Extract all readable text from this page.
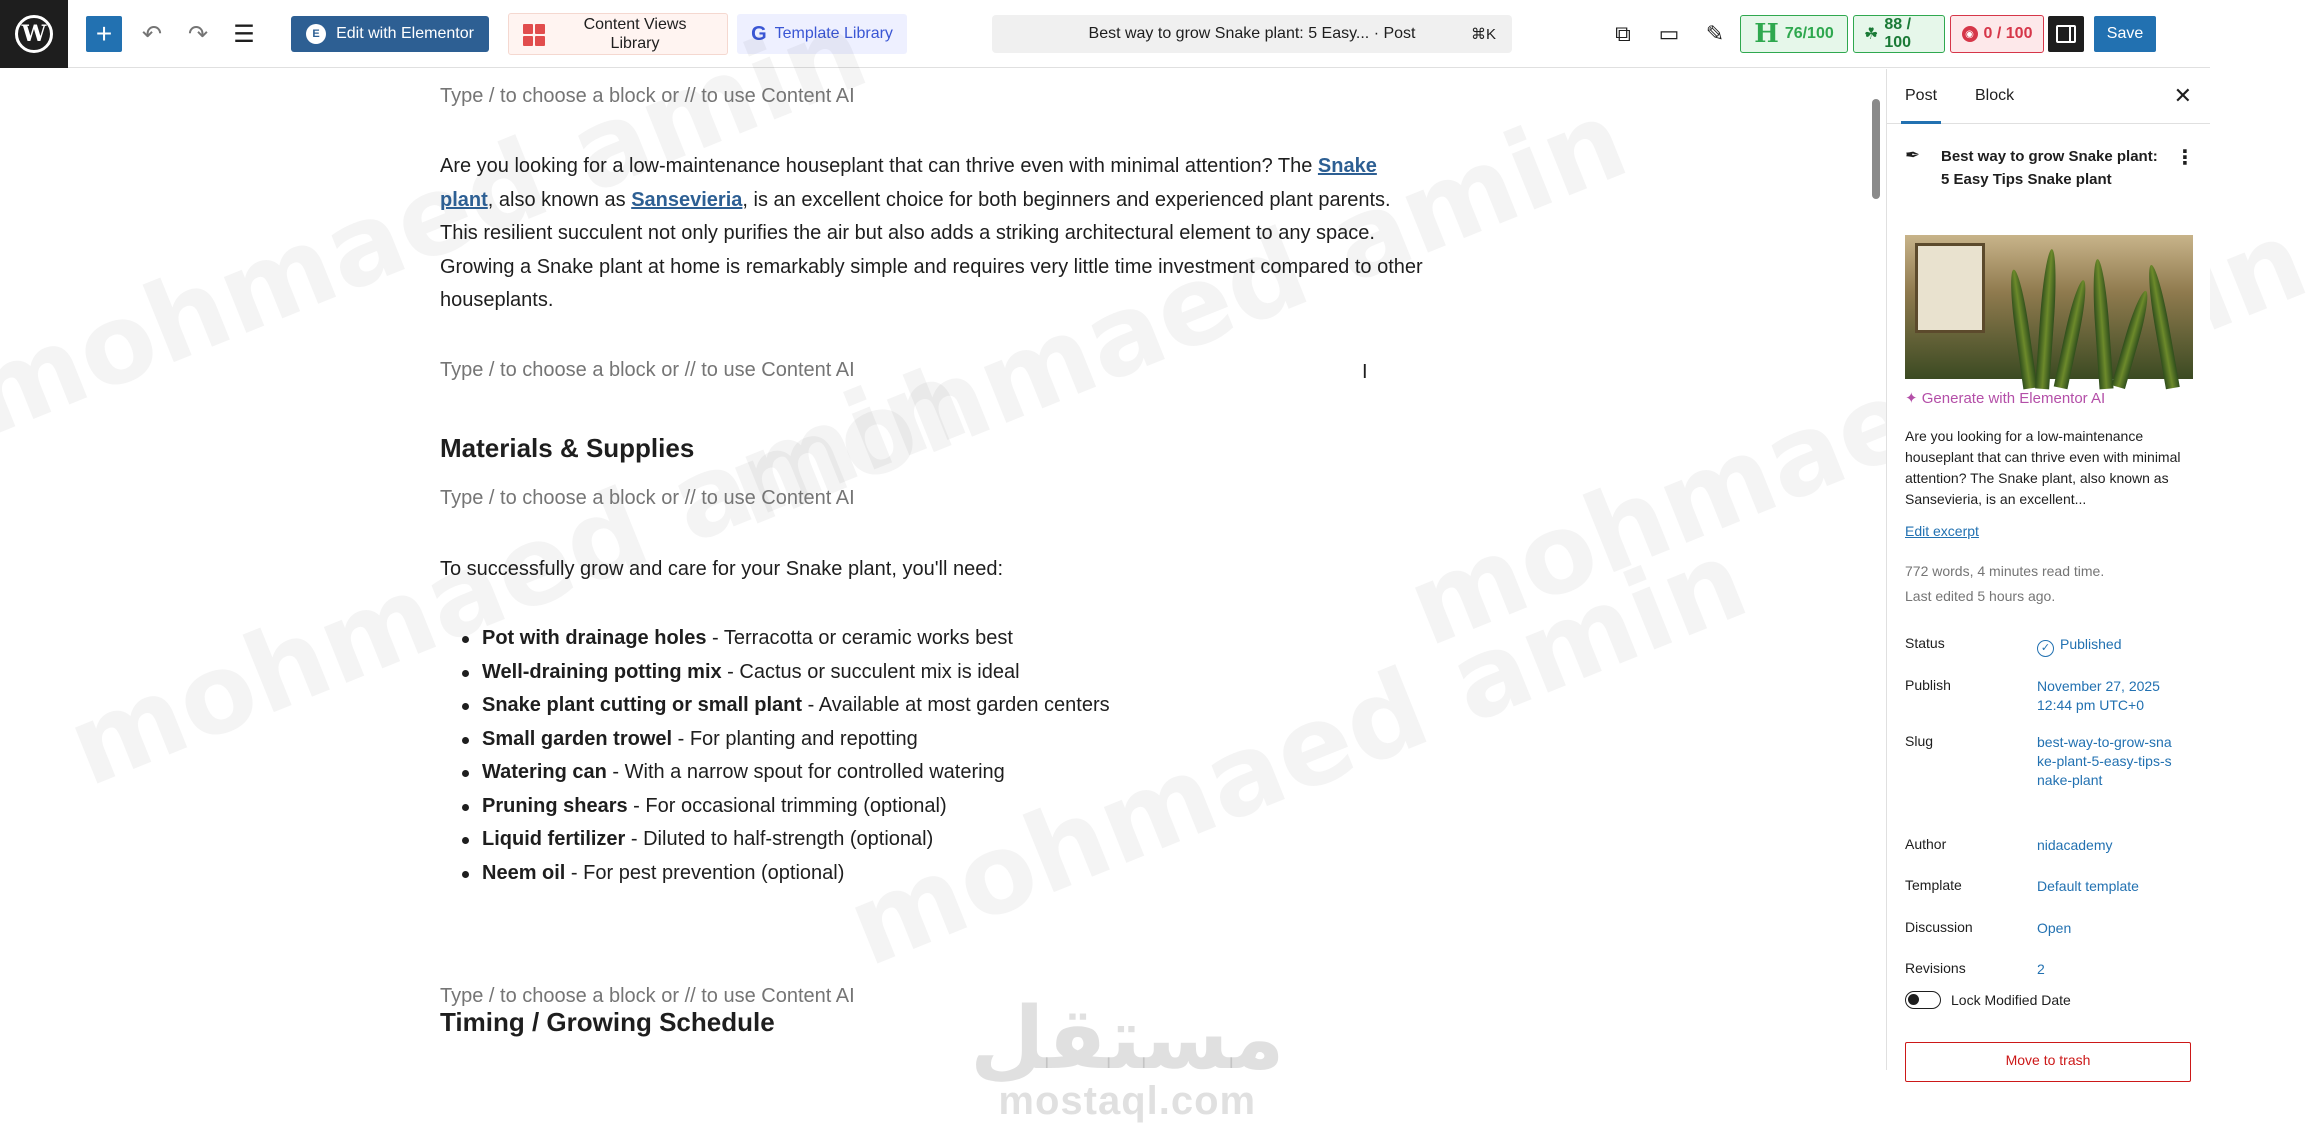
W + ↶ ↷ ☰	E	Edit with Elementor
Content Views Library	G Template Library	Best way to grow Snake plant: 5 Easy... · Post	⌘K	⧉ ▭ ✎ H 76/100 ☘
88 / 100	◉ 0 / 100	Save
Type / to choose a block or // to use Content AI
Are you looking for a low-maintenance houseplant that can thrive even with minimal attention? The Snake plant, also known as Sansevieria, is an excellent choice for both beginners and experienced plant parents. This resilient succulent not only purifies the air but also adds a striking architectural element to any space. Growing a Snake plant at home is remarkably simple and requires very little time investment compared to other houseplants.
Type / to choose a block or // to use Content AI
Materials & Supplies
Type / to choose a block or // to use Content AI
To successfully grow and care for your Snake plant, you'll need:
Pot with drainage holes - Terracotta or ceramic works best
Well-draining potting mix - Cactus or succulent mix is ideal
Snake plant cutting or small plant - Available at most garden centers
Small garden trowel - For planting and repotting
Watering can - With a narrow spout for controlled watering
Pruning shears - For occasional trimming (optional)
Liquid fertilizer - Diluted to half-strength (optional)
Neem oil - For pest prevention (optional)
Type / to choose a block or // to use Content AI
Timing / Growing Schedule
I
مستقل
mostaql.com
Post Block	✕
✒ Best way to grow Snake plant: 5 Easy Tips Snake plant
⋮
✦ Generate with Elementor AI
Are you looking for a low-maintenance houseplant that can thrive even with minimal attention? The Snake plant, also known as Sansevieria, is an excellent...
Edit excerpt
772 words, 4 minutes read time.
Last edited 5 hours ago.
Status	✓ Published
Publish	November 27, 2025 12:44 pm UTC+0
Slug	best-way-to-grow-snake-plant-5-easy-tips-snake-plant
Author	nidacademy
Template	Default template
Discussion	Open
Revisions	2
Lock Modified Date
Move to trash
